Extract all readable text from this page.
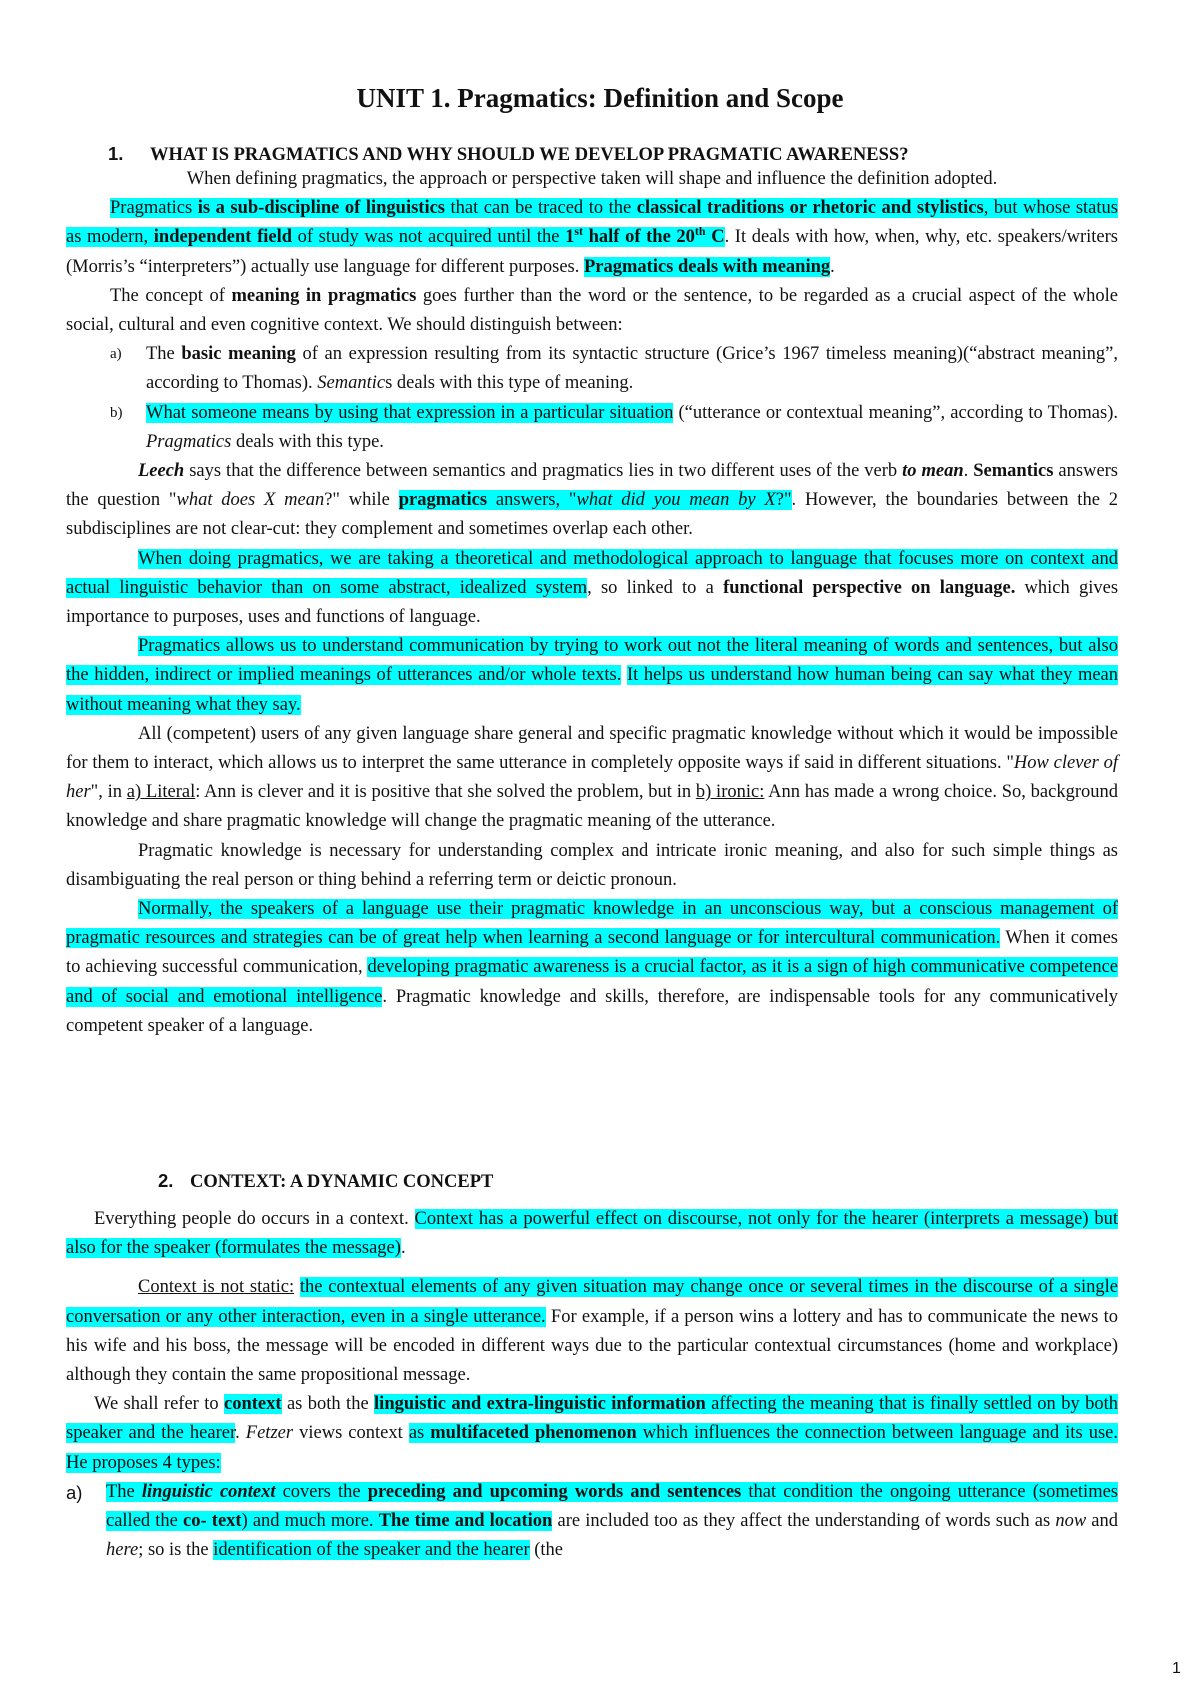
UNIT 1. Pragmatics: Definition and Scope
1. WHAT IS PRAGMATICS AND WHY SHOULD WE DEVELOP PRAGMATIC AWARENESS?

When defining pragmatics, the approach or perspective taken will shape and influence the definition adopted.

Pragmatics is a sub-discipline of linguistics that can be traced to the classical traditions or rhetoric and stylistics, but whose status as modern, independent field of study was not acquired until the 1st half of the 20th C. It deals with how, when, why, etc. speakers/writers (Morris’s “interpreters”) actually use language for different purposes. Pragmatics deals with meaning.

The concept of meaning in pragmatics goes further than the word or the sentence, to be regarded as a crucial aspect of the whole social, cultural and even cognitive context. We should distinguish between:

a) The basic meaning of an expression resulting from its syntactic structure (Grice’s 1967 timeless meaning)(“abstract meaning”, according to Thomas). Semantics deals with this type of meaning.

b) What someone means by using that expression in a particular situation (“utterance or contextual meaning”, according to Thomas). Pragmatics deals with this type.

Leech says that the difference between semantics and pragmatics lies in two different uses of the verb to mean. Semantics answers the question "what does X mean?" while pragmatics answers, "what did you mean by X?". However, the boundaries between the 2 subdisciplines are not clear-cut: they complement and sometimes overlap each other.

When doing pragmatics, we are taking a theoretical and methodological approach to language that focuses more on context and actual linguistic behavior than on some abstract, idealized system, so linked to a functional perspective on language. which gives importance to purposes, uses and functions of language.

Pragmatics allows us to understand communication by trying to work out not the literal meaning of words and sentences, but also the hidden, indirect or implied meanings of utterances and/or whole texts. It helps us understand how human being can say what they mean without meaning what they say.

All (competent) users of any given language share general and specific pragmatic knowledge without which it would be impossible for them to interact, which allows us to interpret the same utterance in completely opposite ways if said in different situations. "How clever of her", in a) Literal: Ann is clever and it is positive that she solved the problem, but in b) ironic: Ann has made a wrong choice. So, background knowledge and share pragmatic knowledge will change the pragmatic meaning of the utterance.

Pragmatic knowledge is necessary for understanding complex and intricate ironic meaning, and also for such simple things as disambiguating the real person or thing behind a referring term or deictic pronoun.

Normally, the speakers of a language use their pragmatic knowledge in an unconscious way, but a conscious management of pragmatic resources and strategies can be of great help when learning a second language or for intercultural communication. When it comes to achieving successful communication, developing pragmatic awareness is a crucial factor, as it is a sign of high communicative competence and of social and emotional intelligence. Pragmatic knowledge and skills, therefore, are indispensable tools for any communicatively competent speaker of a language.

2. CONTEXT: A DYNAMIC CONCEPT

Everything people do occurs in a context. Context has a powerful effect on discourse, not only for the hearer (interprets a message) but also for the speaker (formulates the message).

Context is not static: the contextual elements of any given situation may change once or several times in the discourse of a single conversation or any other interaction, even in a single utterance. For example, if a person wins a lottery and has to communicate the news to his wife and his boss, the message will be encoded in different ways due to the particular contextual circumstances (home and workplace) although they contain the same propositional message.

We shall refer to context as both the linguistic and extra-linguistic information affecting the meaning that is finally settled on by both speaker and the hearer. Fetzer views context as multifaceted phenomenon which influences the connection between language and its use. He proposes 4 types:

a) The linguistic context covers the preceding and upcoming words and sentences that condition the ongoing utterance (sometimes called the co- text) and much more. The time and location are included too as they affect the understanding of words such as now and here; so is the identification of the speaker and the hearer (the

1
